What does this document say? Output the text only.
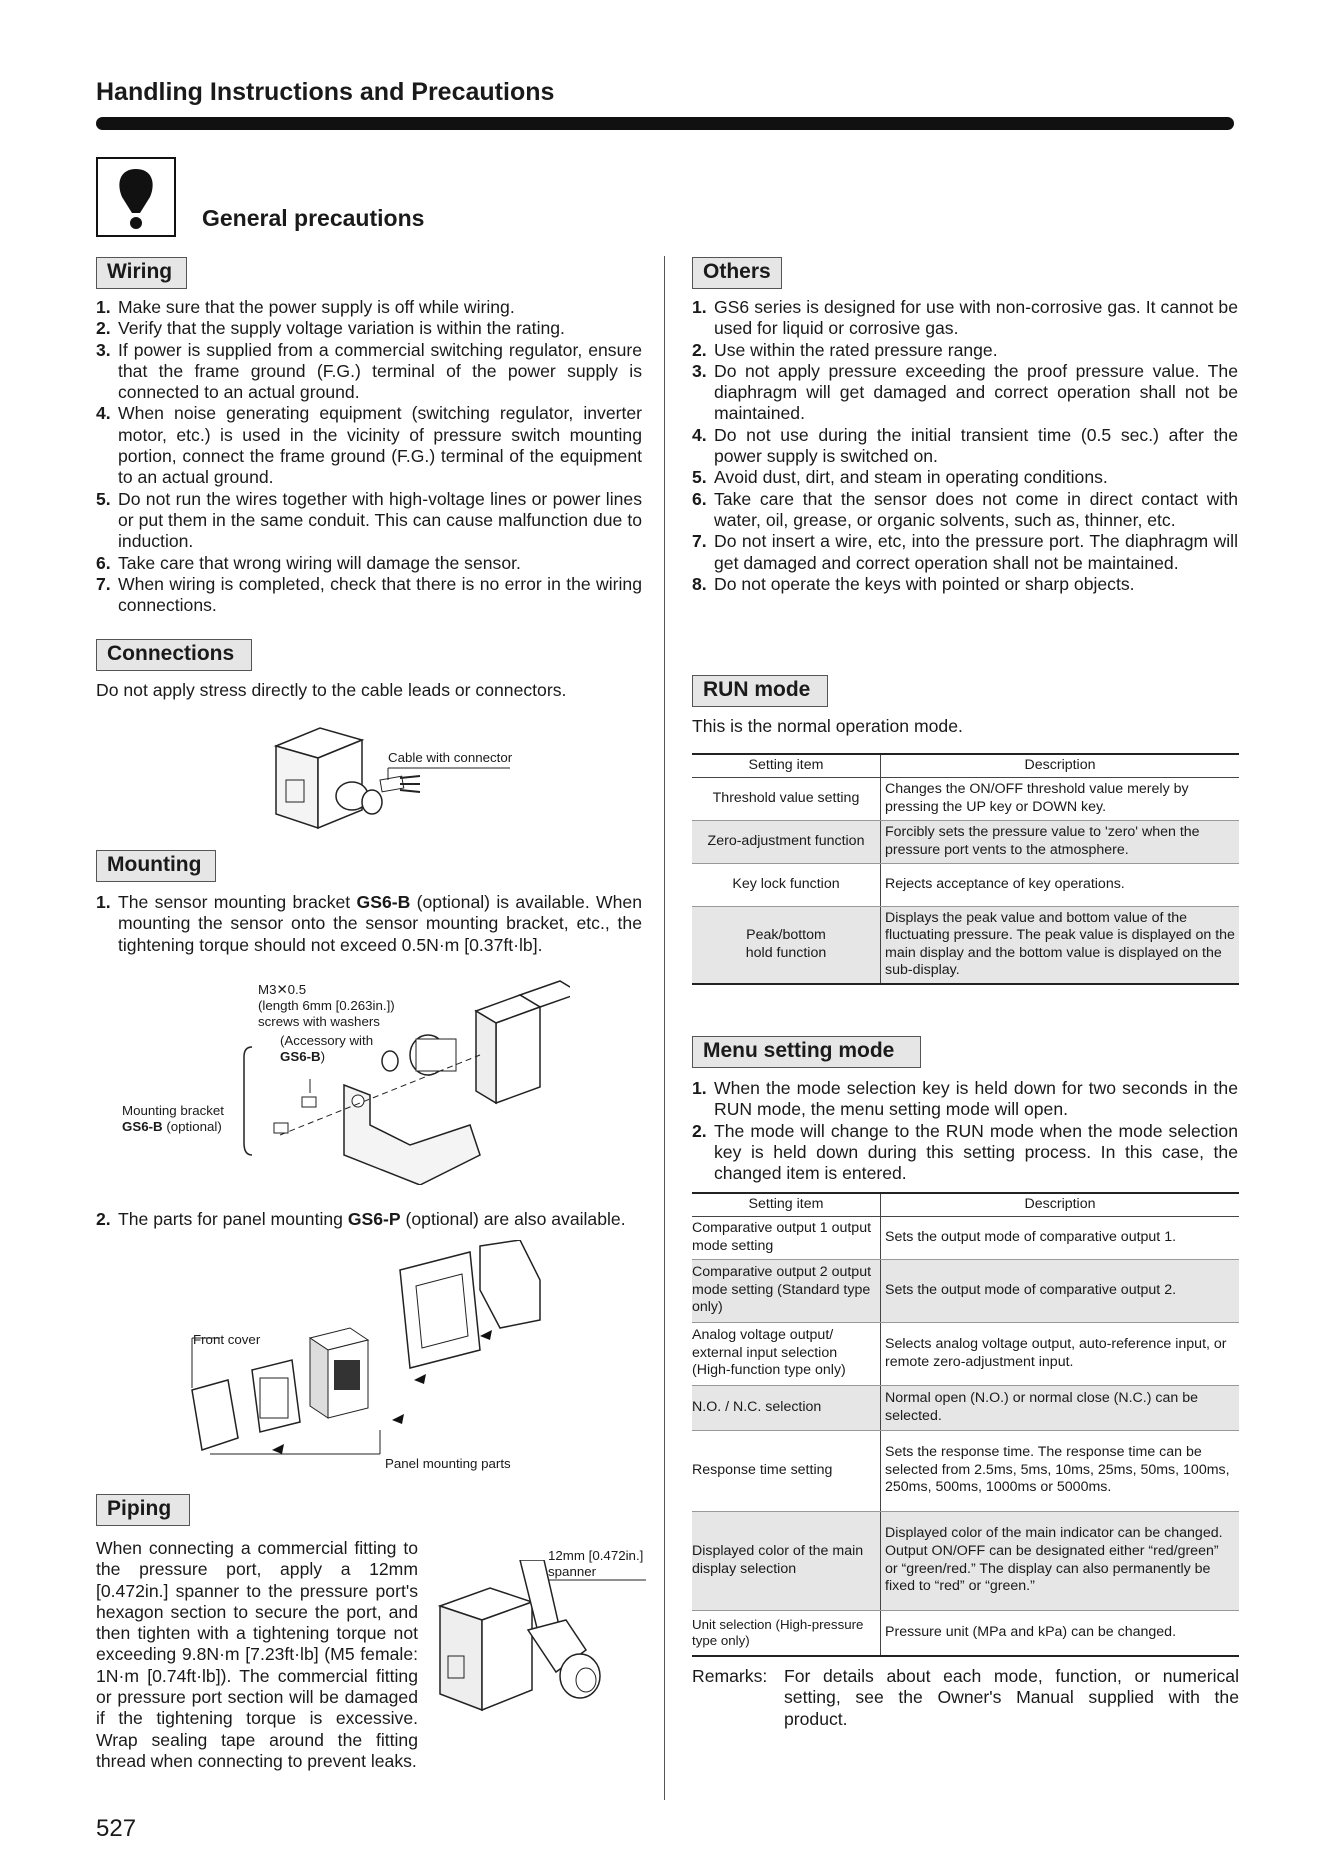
Handling Instructions and Precautions
General precautions
Wiring
1. Make sure that the power supply is off while wiring.
2. Verify that the supply voltage variation is within the rating.
3. If power is supplied from a commercial switching regulator, ensure that the frame ground (F.G.) terminal of the power supply is connected to an actual ground.
4. When noise generating equipment (switching regulator, inverter motor, etc.) is used in the vicinity of pressure switch mounting portion, connect the frame ground (F.G.) terminal of the equipment to an actual ground.
5. Do not run the wires together with high-voltage lines or power lines or put them in the same conduit. This can cause malfunction due to induction.
6. Take care that wrong wiring will damage the sensor.
7. When wiring is completed, check that there is no error in the wiring connections.
Connections
Do not apply stress directly to the cable leads or connectors.
Cable with connector
Mounting
1. The sensor mounting bracket GS6-B (optional) is available. When mounting the sensor onto the sensor mounting bracket, etc., the tightening torque should not exceed 0.5N·m [0.37ft·lb].
M3✕0.5
(length 6mm [0.263in.])
screws with washers
(Accessory with
GS6-B)
Mounting bracket
GS6-B (optional)
2. The parts for panel mounting GS6-P (optional) are also available.
Front cover
Panel mounting parts
Piping
When connecting a commercial fitting to the pressure port, apply a 12mm [0.472in.] spanner to the pressure port's hexagon section to secure the port, and then tighten with a tightening torque not exceeding 9.8N·m [7.23ft·lb] (M5 female: 1N·m [0.74ft·lb]). The commercial fitting or pressure port section will be damaged if the tightening torque is excessive. Wrap sealing tape around the fitting thread when connecting to prevent leaks.
12mm [0.472in.]
spanner
527
Others
1. GS6 series is designed for use with non-corrosive gas. It cannot be used for liquid or corrosive gas.
2. Use within the rated pressure range.
3. Do not apply pressure exceeding the proof pressure value. The diaphragm will get damaged and correct operation shall not be maintained.
4. Do not use during the initial transient time (0.5 sec.) after the power supply is switched on.
5. Avoid dust, dirt, and steam in operating conditions.
6. Take care that the sensor does not come in direct contact with water, oil, grease, or organic solvents, such as, thinner, etc.
7. Do not insert a wire, etc, into the pressure port. The diaphragm will get damaged and correct operation shall not be maintained.
8. Do not operate the keys with pointed or sharp objects.
RUN mode
This is the normal operation mode.
Setting item	Description
Threshold value setting	Changes the ON/OFF threshold value merely by pressing the UP key or DOWN key.
Zero-adjustment function	Forcibly sets the pressure value to 'zero' when the pressure port vents to the atmosphere.
Key lock function	Rejects acceptance of key operations.
Peak/bottom hold function	Displays the peak value and bottom value of the fluctuating pressure. The peak value is displayed on the main display and the bottom value is displayed on the sub-display.
Menu setting mode
1. When the mode selection key is held down for two seconds in the RUN mode, the menu setting mode will open.
2. The mode will change to the RUN mode when the mode selection key is held down during this setting process. In this case, the changed item is entered.
Setting item	Description
Comparative output 1 output mode setting	Sets the output mode of comparative output 1.
Comparative output 2 output mode setting (Standard type only)	Sets the output mode of comparative output 2.
Analog voltage output/ external input selection (High-function type only)	Selects analog voltage output, auto-reference input, or remote zero-adjustment input.
N.O. / N.C. selection	Normal open (N.O.) or normal close (N.C.) can be selected.
Response time setting	Sets the response time. The response time can be selected from 2.5ms, 5ms, 10ms, 25ms, 50ms, 100ms, 250ms, 500ms, 1000ms or 5000ms.
Displayed color of the main display selection	Displayed color of the main indicator can be changed. Output ON/OFF can be designated either “red/green” or “green/red.” The display can also permanently be fixed to “red” or “green.”
Unit selection (High-pressure type only)	Pressure unit (MPa and kPa) can be changed.
Remarks: For details about each mode, function, or numerical setting, see the Owner's Manual supplied with the product.
